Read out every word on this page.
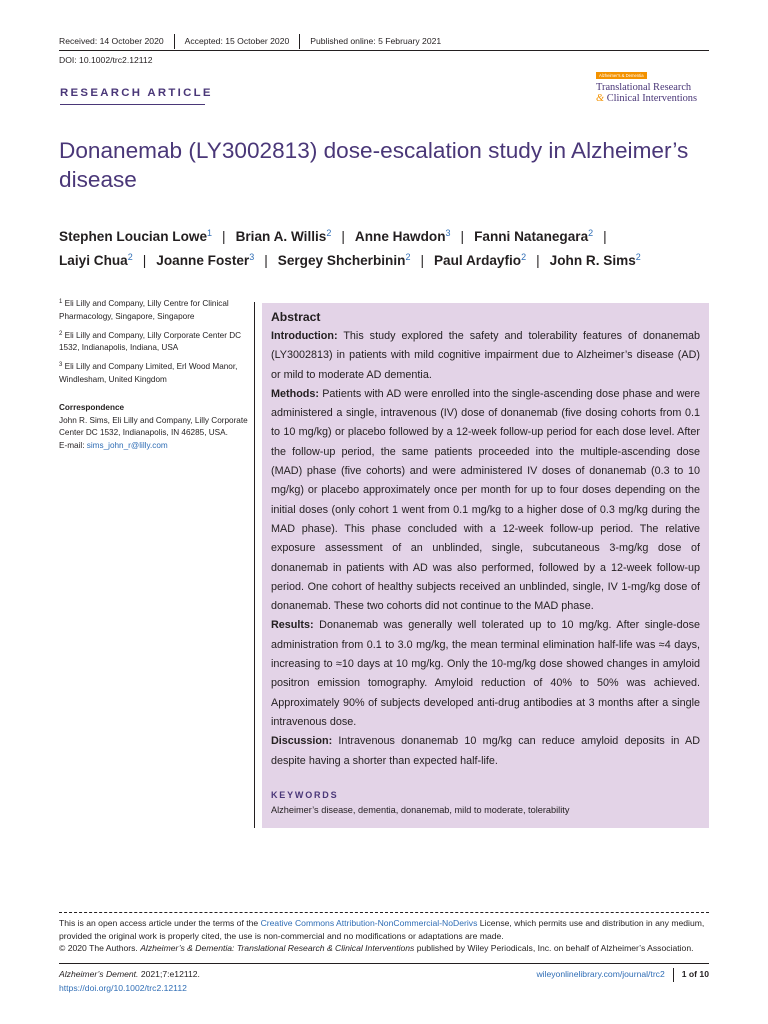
Received: 14 October 2020	Accepted: 15 October 2020	Published online: 5 February 2021
DOI: 10.1002/trc2.12112
Alzheimer's & Dementia
Translational Research
& Clinical Interventions
RESEARCH ARTICLE
Donanemab (LY3002813) dose-escalation study in Alzheimer’s disease
Stephen Loucian Lowe$^1$ | Brian A. Willis$^2$ | Anne Hawdon$^3$ | Fanni Natanegara$^2$ |
Laiyi Chua$^2$ | Joanne Foster$^3$ | Sergey Shcherbinin$^2$ | Paul Ardayfio$^2$ | John R. Sims$^2$
$^1$ Eli Lilly and Company, Lilly Centre for Clinical Pharmacology, Singapore, Singapore
$^2$ Eli Lilly and Company, Lilly Corporate Center DC 1532, Indianapolis, Indiana, USA
$^3$ Eli Lilly and Company Limited, Erl Wood Manor, Windlesham, United Kingdom
Correspondence
John R. Sims, Eli Lilly and Company, Lilly Corporate Center DC 1532, Indianapolis, IN 46285, USA.
E-mail: sims_john_r@lilly.com
Abstract

Introduction: This study explored the safety and tolerability features of donanemab (LY3002813) in patients with mild cognitive impairment due to Alzheimer’s disease (AD) or mild to moderate AD dementia.

Methods: Patients with AD were enrolled into the single-ascending dose phase and were administered a single, intravenous (IV) dose of donanemab (five dosing cohorts from 0.1 to 10 mg/kg) or placebo followed by a 12-week follow-up period for each dose level. After the follow-up period, the same patients proceeded into the multiple-ascending dose (MAD) phase (five cohorts) and were administered IV doses of donanemab (0.3 to 10 mg/kg) or placebo approximately once per month for up to four doses depending on the initial doses (only cohort 1 went from 0.1 mg/kg to a higher dose of 0.3 mg/kg during the MAD phase). This phase concluded with a 12-week follow-up period. The relative exposure assessment of an unblinded, single, subcutaneous 3-mg/kg dose of donanemab in patients with AD was also performed, followed by a 12-week follow-up period. One cohort of healthy subjects received an unblinded, single, IV 1-mg/kg dose of donanemab. These two cohorts did not continue to the MAD phase.

Results: Donanemab was generally well tolerated up to 10 mg/kg. After single-dose administration from 0.1 to 3.0 mg/kg, the mean terminal elimination half-life was ≈4 days, increasing to ≈10 days at 10 mg/kg. Only the 10-mg/kg dose showed changes in amyloid positron emission tomography. Amyloid reduction of 40% to 50% was achieved. Approximately 90% of subjects developed anti-drug antibodies at 3 months after a single intravenous dose.

Discussion: Intravenous donanemab 10 mg/kg can reduce amyloid deposits in AD despite having a shorter than expected half-life.

KEYWORDS
Alzheimer’s disease, dementia, donanemab, mild to moderate, tolerability
This is an open access article under the terms of the Creative Commons Attribution-NonCommercial-NoDerivs License, which permits use and distribution in any medium, provided the original work is properly cited, the use is non-commercial and no modifications or adaptations are made.
© 2020 The Authors. Alzheimer’s & Dementia: Translational Research & Clinical Interventions published by Wiley Periodicals, Inc. on behalf of Alzheimer’s Association.
Alzheimer’s Dement. 2021;7:e12112.
https://doi.org/10.1002/trc2.12112
wileyonlinelibrary.com/journal/trc2	1 of 10
